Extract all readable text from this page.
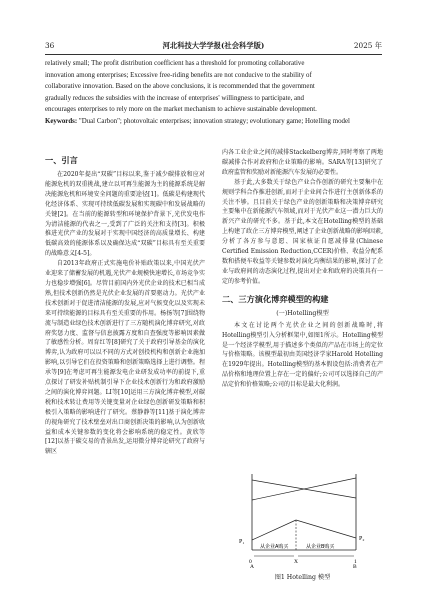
36	河北科技大学学报(社会科学版)	2025 年

relatively small; The profit distribution coefficient has a threshold for promoting collaborative

innovation among enterprises; Excessive free-riding benefits are not conducive to the stability of

collaborative innovation. Based on the above conclusions, it is recommended that the government

gradually reduces the subsidies with the increase of enterprises' willingness to participate, and

encourages enterprises to rely more on the market mechanism to achieve sustainable development.

Keywords: "Dual Carbon"; photovoltaic enterprises; innovation strategy; evolutionary game; Hotelling model
一、引言

在2020年提出“双碳”目标以来,鉴于减少碳排放和应对能源危机的双重挑战,建立以可再生能源为主的能源系统是解决能源危机和环境安全问题的重要途径[1]。低碳是构建现代化经济体系、实现可持续低碳发展和实现碳中和发展战略的关键[2]。在当前的能源转型和环境保护背景下,光伏发电作为清洁能源的代表之一,受到了广泛的关注和支持[3]。积极推进光伏产业的发展对于实现中国经济的高质量增长、构建低碳高效的能源体系以及确保达成“双碳”目标具有至关重要的战略意义[4-5]。

自2013年政府正式实施电价补贴政策以来,中国光伏产业迎来了储蓄发展的机遇,光伏产业规模快速增长,市场竞争实力也稳步增强[6]。尽管目前国内外光伏企业的技术已相当成熟,但技术创新仍然是光伏企业发展的首要驱动力。光伏产业技术创新对于促进清洁能源的发展,应对气候变化以及实现未来可持续能源的目标具有至关重要的作用。杨扬等[7]围绕物流与制造业绿色技术创新进行了三方随机演化博弈研究,对政府奖惩力度、监督与信息披露方度和自查强度等影响因素做了敏感性分析。周育红等[8]研究了关于政府引导基金的演化博弈,认为政府可以以不同的方式对创投机构和创新企业施加影响,以引导它们在投资策略和创新策略选择上进行调整。程承等[9]在考虑可再生能源发电企业研发成功率的前提下,重点探讨了研发补贴机制引导下企业技术创新行为和政府激励之间的演化博弈问题。LI等[10]运用三方演化博弈模型,对碳税和技术转让费用等关键变量对企业绿色创新研发策略和积极引入策略的影响进行了研究。蔡静静等[11]基于演化博弈的视角研究了技术壁垒对出口商创新决策的影响,认为创新收益和成本关键参数的变化将会影响系统的稳定性。黄欣等[12]以基于碳交易的背景出发,运用微分博弈论研究了政府与辖区

内各工业企业之间的减排Stackelberg博弈,同时考察了两地碳减排合作对政府和企业策略的影响。SARA等[13]研究了政府监管和奖励对新能源汽车发展的必要性。

基于此,大多数关于绿色产业合作创新的研究主要集中在规则学科合作推进创新,而对于企业间合作进行主创新体系的关注不够。且目前关于绿色产业的创新策略和决策博弈研究主要集中在新能源汽车领域,而对于光伏产业这一潜力巨大的新兴产业的研究不多。基于此,本文在Hotelling模型的基础上构建了政企三方博弈模型,阐述了企业创新战略的影响因素,分析了各方参与意愿、国家核证自愿减排量(Chinese Certified Emission Reduction,CCER)价格、收益分配系数和搭便车收益等关键参数对演化均衡结果的影响,探讨了企业与政府间的动态演化过程,提出对企业和政府的决策具有一定的参考价值。

二、三方演化博弈模型的构建
(一)Hotelling模型

本文在讨论两个光伏企业之间的创新战略时,将Hotelling模型引入分析框架中,如图1所示。Hotelling模型是一个经济学模型,用于描述多个类似的产品在市场上的定位与价格策略。该模型最初由美国经济学家Harold Hotelling在1929年提出。Hotelling模型的基本假设包括:消费者在产品价格和地理位置上存在一定的偏好;公司可以选择自己的产品定价和价格策略;公司的目标是最大化利润。

P₁	P₂
0	1
X
A	B
从企业A购买	从企业B购买
图1 Hotelling 模型
